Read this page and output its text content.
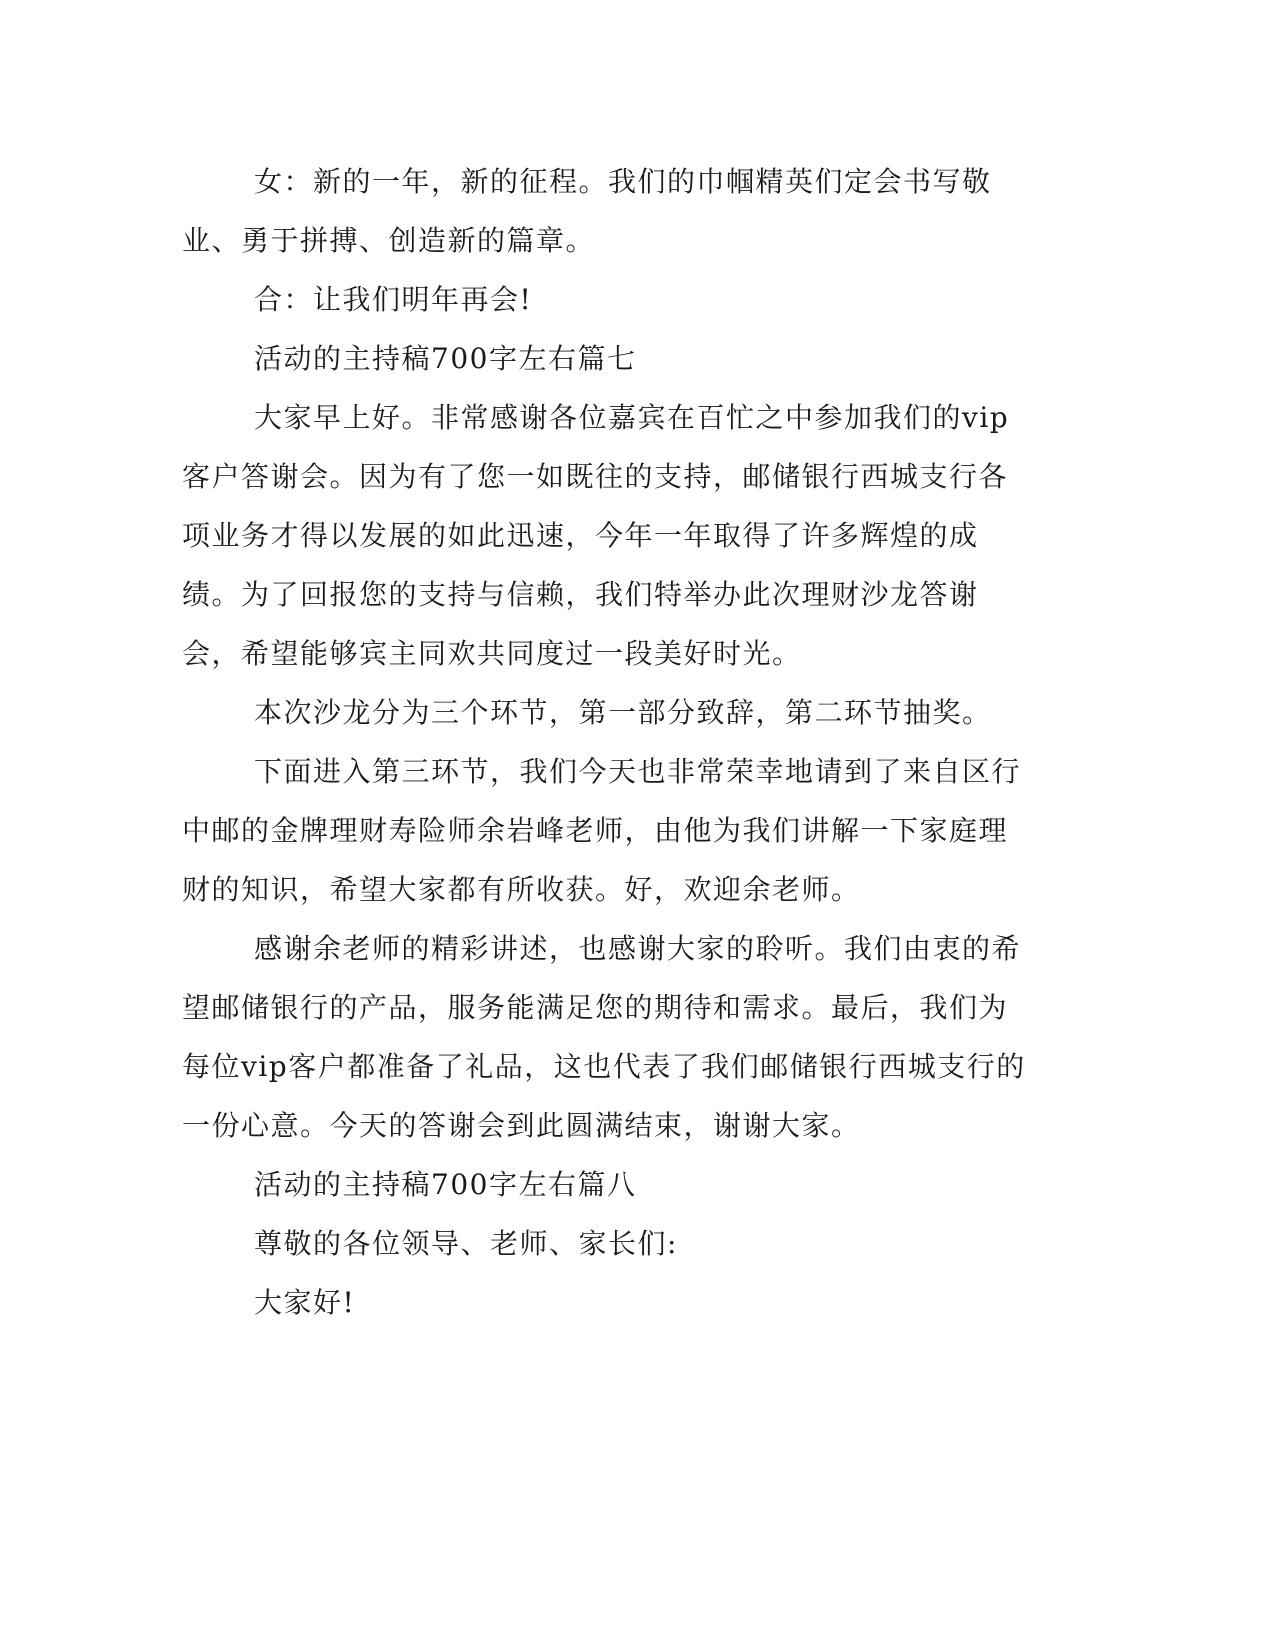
女：新的一年，新的征程。我们的巾帼精英们定会书写敬业、勇于拼搏、创造新的篇章。

合：让我们明年再会!

活动的主持稿700字左右篇七

大家早上好。非常感谢各位嘉宾在百忙之中参加我们的vip客户答谢会。因为有了您一如既往的支持，邮储银行西城支行各项业务才得以发展的如此迅速，今年一年取得了许多辉煌的成绩。为了回报您的支持与信赖，我们特举办此次理财沙龙答谢会，希望能够宾主同欢共同度过一段美好时光。

本次沙龙分为三个环节，第一部分致辞，第二环节抽奖。

下面进入第三环节，我们今天也非常荣幸地请到了来自区行中邮的金牌理财寿险师余岩峰老师，由他为我们讲解一下家庭理财的知识，希望大家都有所收获。好，欢迎余老师。

感谢余老师的精彩讲述，也感谢大家的聆听。我们由衷的希望邮储银行的产品，服务能满足您的期待和需求。最后，我们为每位vip客户都准备了礼品，这也代表了我们邮储银行西城支行的一份心意。今天的答谢会到此圆满结束，谢谢大家。

活动的主持稿700字左右篇八

尊敬的各位领导、老师、家长们:

大家好!
